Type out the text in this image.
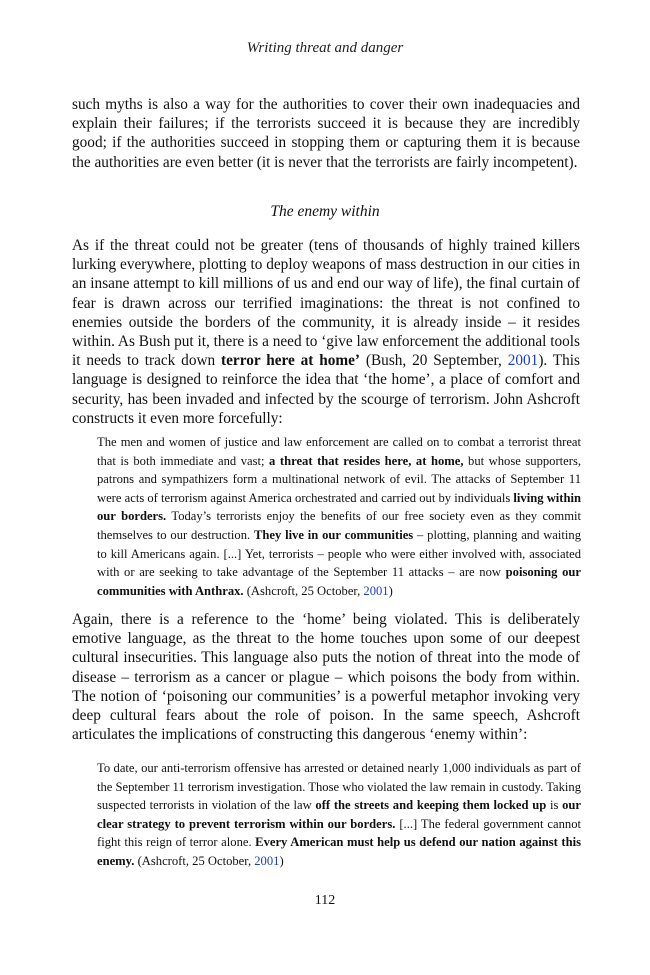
Writing threat and danger

such myths is also a way for the authorities to cover their own inadequacies and explain their failures; if the terrorists succeed it is because they are incredibly good; if the authorities succeed in stopping them or capturing them it is because the authorities are even better (it is never that the terrorists are fairly incompetent).

The enemy within

As if the threat could not be greater (tens of thousands of highly trained killers lurking everywhere, plotting to deploy weapons of mass destruction in our cities in an insane attempt to kill millions of us and end our way of life), the final curtain of fear is drawn across our terrified imaginations: the threat is not confined to enemies outside the borders of the community, it is already inside – it resides within. As Bush put it, there is a need to ‘give law enforcement the additional tools it needs to track down terror here at home’ (Bush, 20 September, 2001). This language is designed to reinforce the idea that ‘the home’, a place of comfort and security, has been invaded and infected by the scourge of terrorism. John Ashcroft constructs it even more forcefully:

The men and women of justice and law enforcement are called on to combat a terrorist threat that is both immediate and vast; a threat that resides here, at home, but whose supporters, patrons and sympathizers form a multinational network of evil. The attacks of September 11 were acts of terrorism against America orchestrated and carried out by individuals living within our borders. Today’s terrorists enjoy the benefits of our free society even as they commit themselves to our destruction. They live in our communities – plotting, planning and waiting to kill Americans again. [...] Yet, terrorists – people who were either involved with, associated with or are seeking to take advantage of the September 11 attacks – are now poisoning our communities with Anthrax. (Ashcroft, 25 October, 2001)

Again, there is a reference to the ‘home’ being violated. This is deliberately emotive language, as the threat to the home touches upon some of our deepest cultural insecurities. This language also puts the notion of threat into the mode of disease – terrorism as a cancer or plague – which poisons the body from within. The notion of ‘poisoning our communities’ is a powerful metaphor invoking very deep cultural fears about the role of poison. In the same speech, Ashcroft articulates the implications of constructing this dangerous ‘enemy within’:

To date, our anti-terrorism offensive has arrested or detained nearly 1,000 individuals as part of the September 11 terrorism investigation. Those who violated the law remain in custody. Taking suspected terrorists in violation of the law off the streets and keeping them locked up is our clear strategy to prevent terrorism within our borders. [...] The federal government cannot fight this reign of terror alone. Every American must help us defend our nation against this enemy. (Ashcroft, 25 October, 2001)

112
